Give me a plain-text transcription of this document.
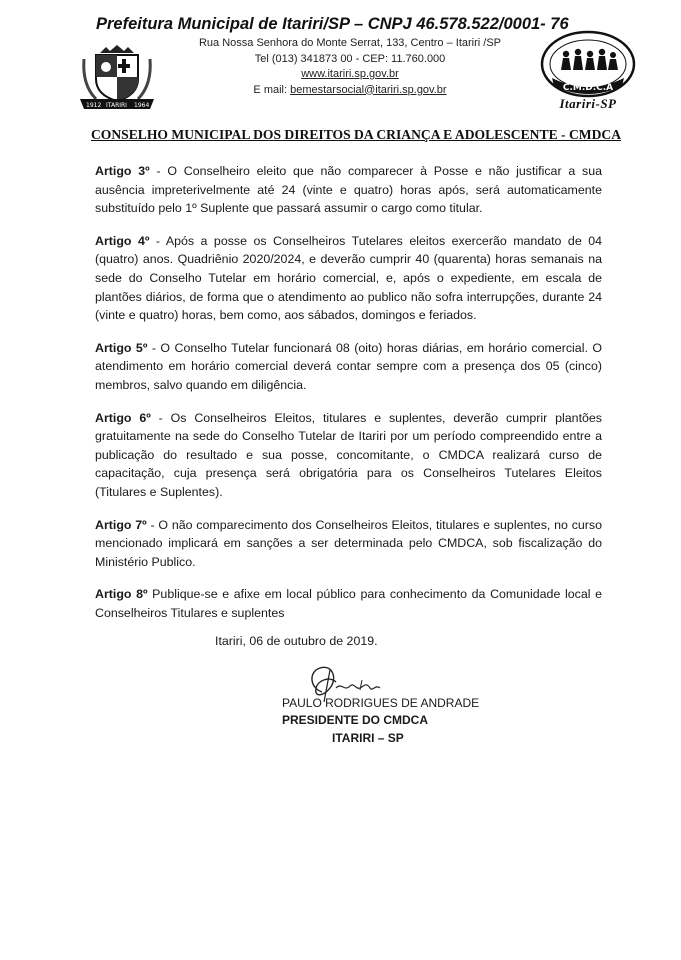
1912 ITARIRI 1964
Prefeitura Municipal de Itariri/SP – CNPJ 46.578.522/0001- 76
Rua Nossa Senhora do Monte Serrat, 133, Centro – Itariri /SP
Tel (013) 341873 00 - CEP: 11.760.000
www.itariri.sp.gov.br
E mail: bemestarsocial@itariri.sp.gov.br	C.M.D.C.A
Itariri-SP
CONSELHO MUNICIPAL DOS DIREITOS DA CRIANÇA E ADOLESCENTE - CMDCA

Artigo 3º - O Conselheiro eleito que não comparecer à Posse e não justificar a sua ausência impreterivelmente até 24 (vinte e quatro) horas após, será automaticamente substituído pelo 1º Suplente que passará assumir o cargo como titular.

Artigo 4º - Após a posse os Conselheiros Tutelares eleitos exercerão mandato de 04 (quatro) anos. Quadriênio 2020/2024, e deverão cumprir 40 (quarenta) horas semanais na sede do Conselho Tutelar em horário comercial, e, após o expediente, em escala de plantões diários, de forma que o atendimento ao publico não sofra interrupções, durante 24 (vinte e quatro) horas, bem como, aos sábados, domingos e feriados.

Artigo 5º - O Conselho Tutelar funcionará 08 (oito) horas diárias, em horário comercial. O atendimento em horário comercial deverá contar sempre com a presença dos 05 (cinco) membros, salvo quando em diligência.

Artigo 6º - Os Conselheiros Eleitos, titulares e suplentes, deverão cumprir plantões gratuitamente na sede do Conselho Tutelar de Itariri por um período compreendido entre a publicação do resultado e sua posse, concomitante, o CMDCA realizará curso de capacitação, cuja presença será obrigatória para os Conselheiros Tutelares Eleitos (Titulares e Suplentes).

Artigo 7º - O não comparecimento dos Conselheiros Eleitos, titulares e suplentes, no curso mencionado implicará em sanções a ser determinada pelo CMDCA, sob fiscalização do Ministério Publico.

Artigo 8º Publique-se e afixe em local público para conhecimento da Comunidade local e Conselheiros Titulares e suplentes

Itariri, 06 de outubro de 2019.
PAULO RODRIGUES DE ANDRADE
PRESIDENTE DO CMDCA
ITARIRI – SP
